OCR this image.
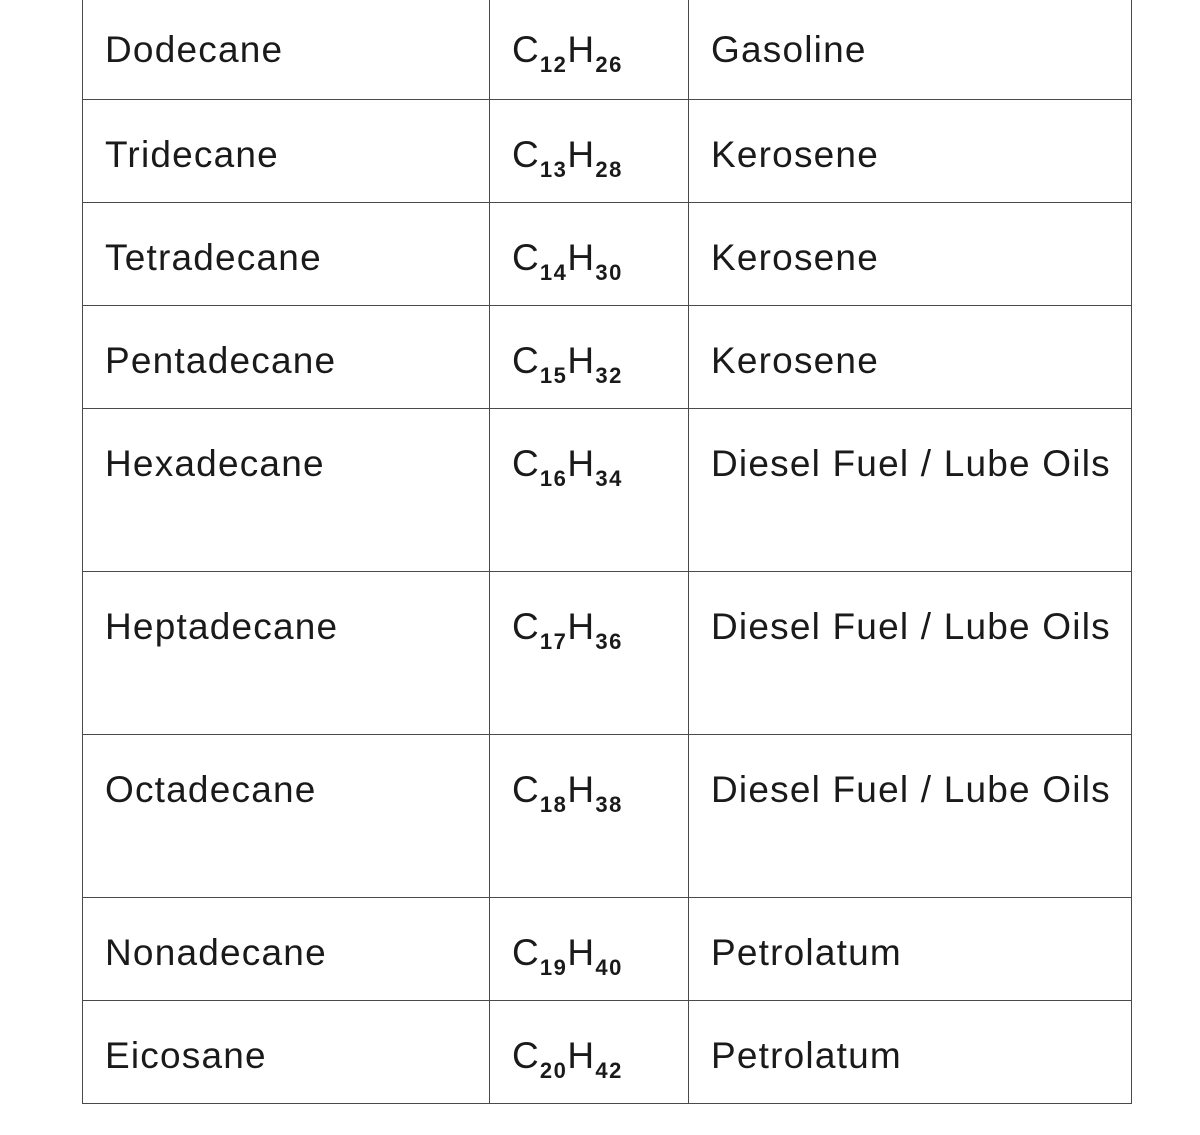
Dodecane	$C_{12}H_{26}$	Gasoline
Tridecane	$C_{13}H_{28}$	Kerosene
Tetradecane	$C_{14}H_{30}$	Kerosene
Pentadecane	$C_{15}H_{32}$	Kerosene
Hexadecane	$C_{16}H_{34}$	Diesel Fuel / Lube Oils
Heptadecane	$C_{17}H_{36}$	Diesel Fuel / Lube Oils
Octadecane	$C_{18}H_{38}$	Diesel Fuel / Lube Oils
Nonadecane	$C_{19}H_{40}$	Petrolatum
Eicosane	$C_{20}H_{42}$	Petrolatum
